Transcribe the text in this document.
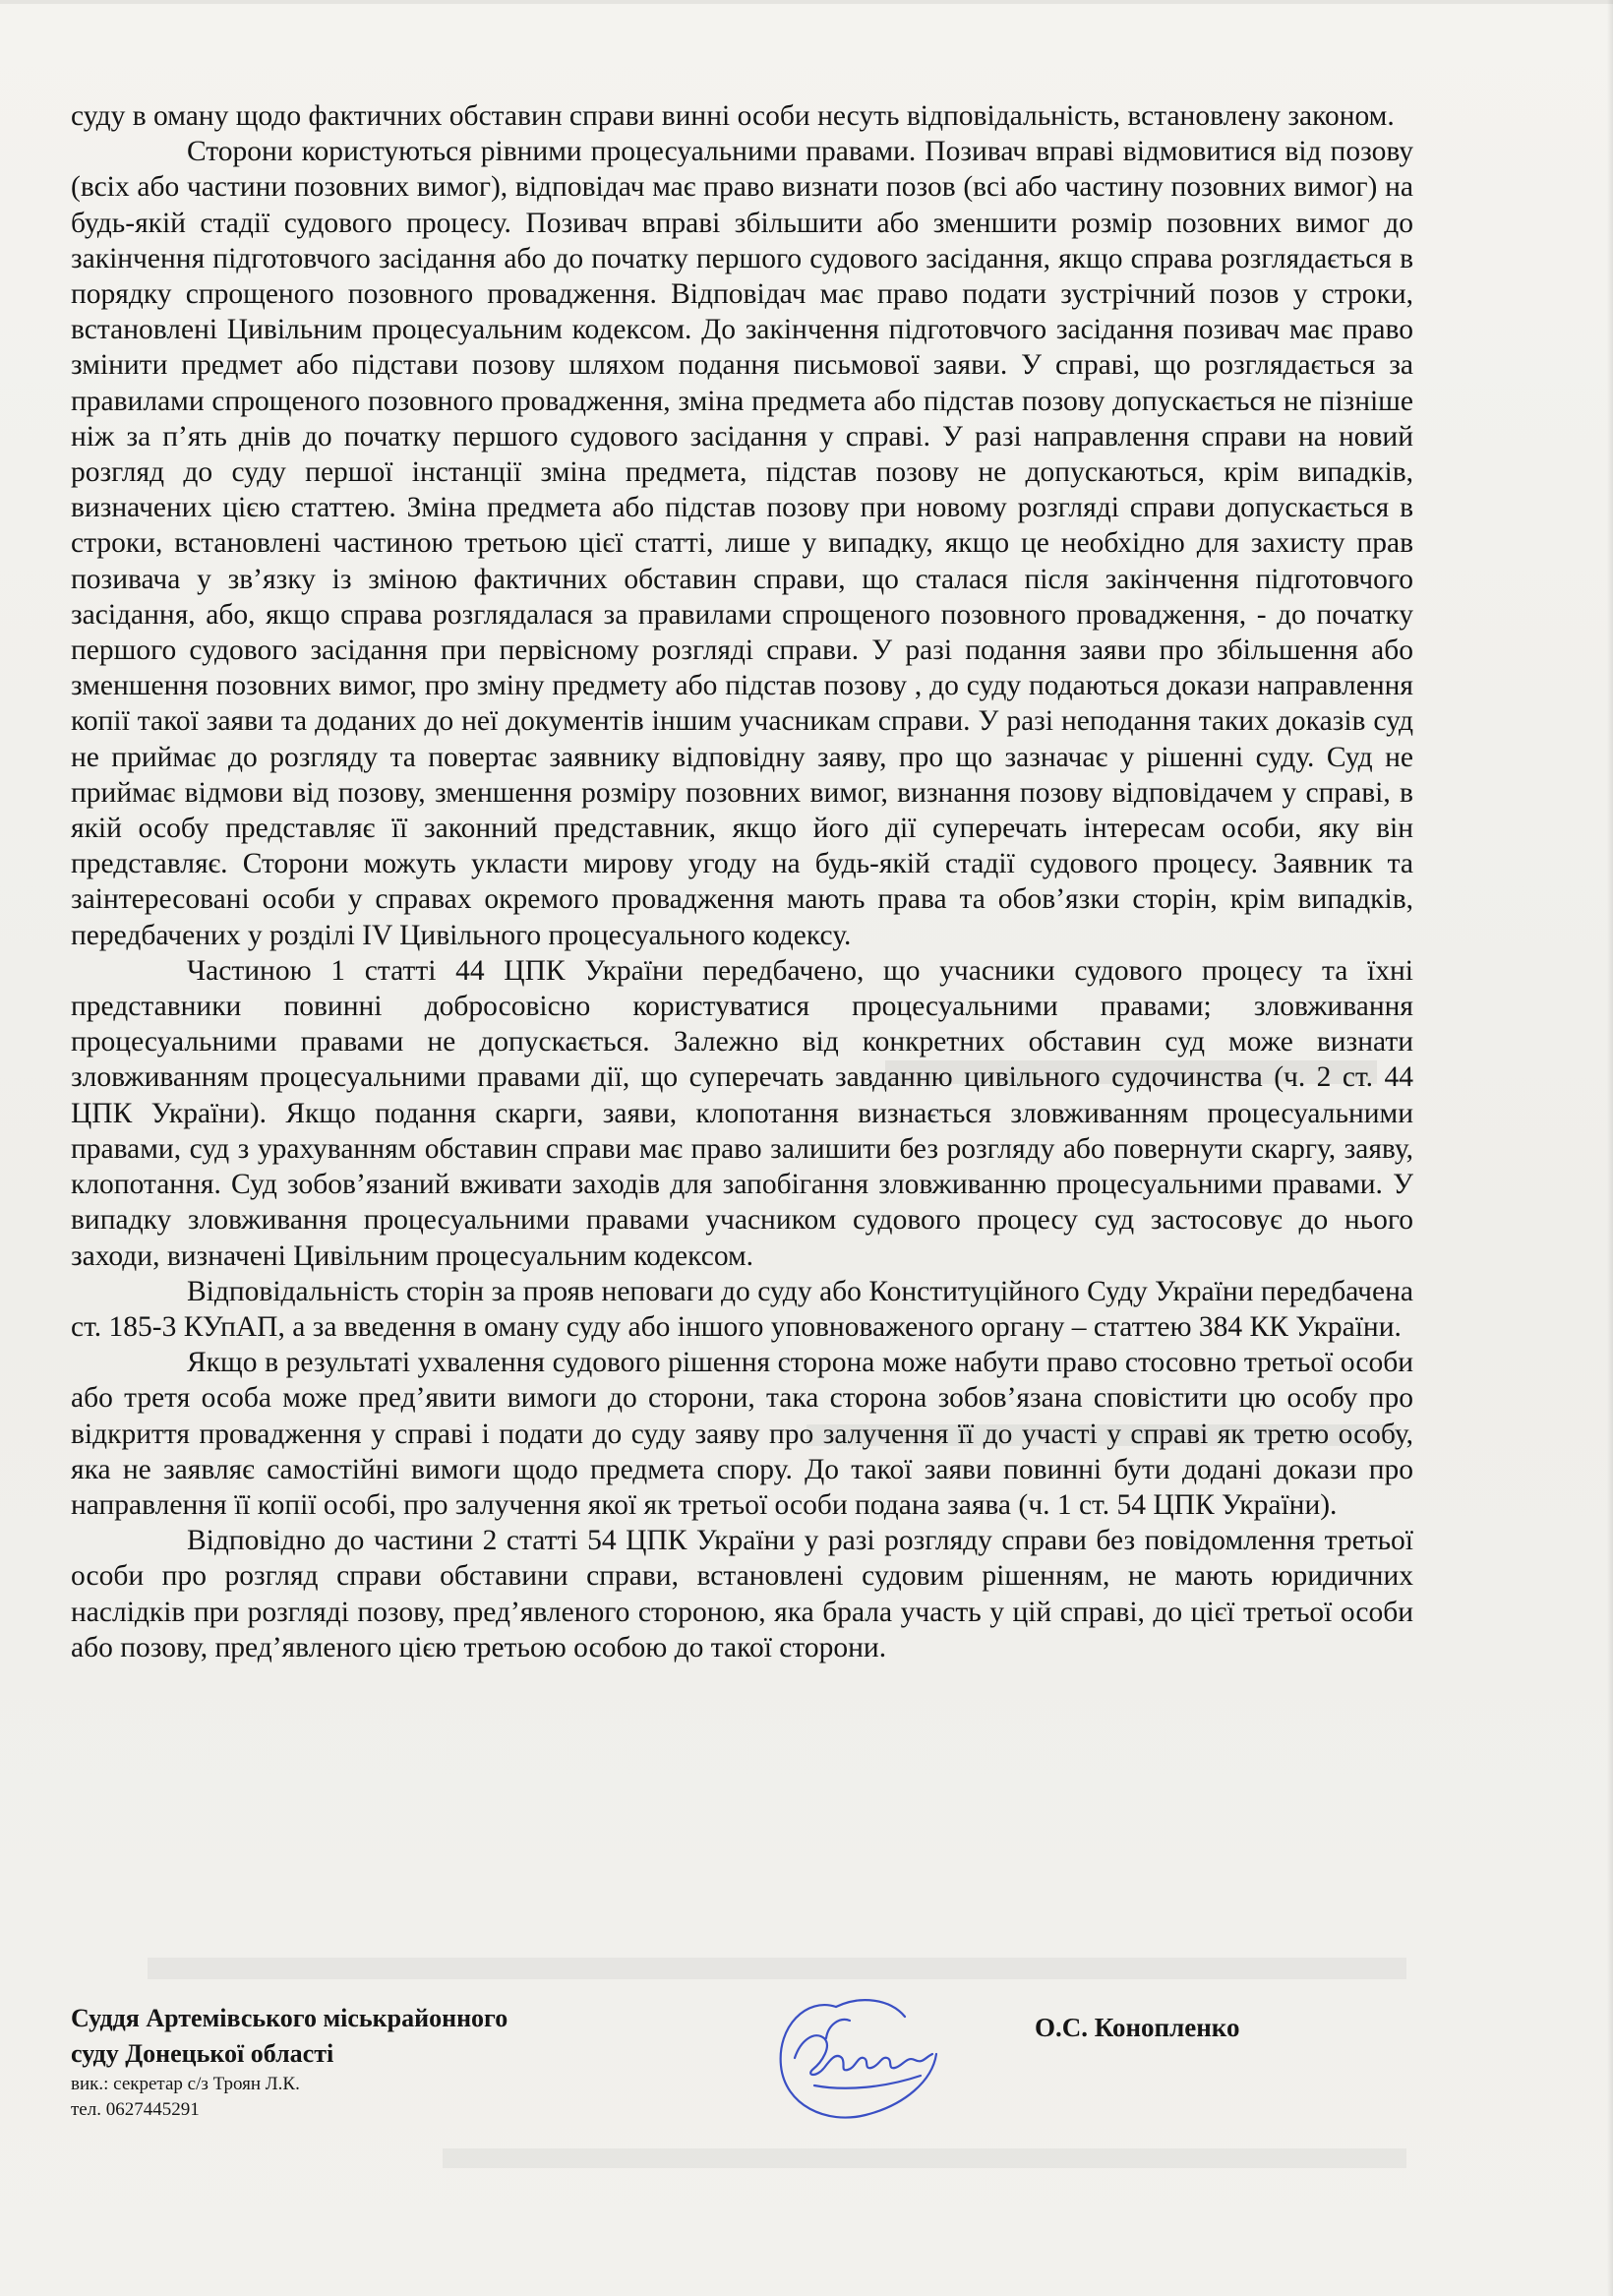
суду в оману щодо фактичних обставин справи винні особи несуть відповідальність, встановлену законом.

Сторони користуються рівними процесуальними правами. Позивач вправі відмовитися від позову (всіх або частини позовних вимог), відповідач має право визнати позов (всі або частину позовних вимог) на будь-якій стадії судового процесу. Позивач вправі збільшити або зменшити розмір позовних вимог до закінчення підготовчого засідання або до початку першого судового засідання, якщо справа розглядається в порядку спрощеного позовного провадження. Відповідач має право подати зустрічний позов у строки, встановлені Цивільним процесуальним кодексом. До закінчення підготовчого засідання позивач має право змінити предмет або підстави позову шляхом подання письмової заяви. У справі, що розглядається за правилами спрощеного позовного провадження, зміна предмета або підстав позову допускається не пізніше ніж за п’ять днів до початку першого судового засідання у справі. У разі направлення справи на новий розгляд до суду першої інстанції зміна предмета, підстав позову не допускаються, крім випадків, визначених цією статтею. Зміна предмета або підстав позову при новому розгляді справи допускається в строки, встановлені частиною третьою цієї статті, лише у випадку, якщо це необхідно для захисту прав позивача у зв’язку із зміною фактичних обставин справи, що сталася після закінчення підготовчого засідання, або, якщо справа розглядалася за правилами спрощеного позовного провадження, - до початку першого судового засідання при первісному розгляді справи. У разі подання заяви про збільшення або зменшення позовних вимог, про зміну предмету або підстав позову , до суду подаються докази направлення копії такої заяви та доданих до неї документів іншим учасникам справи. У разі неподання таких доказів суд не приймає до розгляду та повертає заявнику відповідну заяву, про що зазначає у рішенні суду. Суд не приймає відмови від позову, зменшення розміру позовних вимог, визнання позову відповідачем у справі, в якій особу представляє її законний представник, якщо його дії суперечать інтересам особи, яку він представляє. Сторони можуть укласти мирову угоду на будь-якій стадії судового процесу. Заявник та заінтересовані особи у справах окремого провадження мають права та обов’язки сторін, крім випадків, передбачених у розділі IV Цивільного процесуального кодексу.

Частиною 1 статті 44 ЦПК України передбачено, що учасники судового процесу та їхні представники повинні добросовісно користуватися процесуальними правами; зловживання процесуальними правами не допускається. Залежно від конкретних обставин суд може визнати зловживанням процесуальними правами дії, що суперечать завданню цивільного судочинства (ч. 2 ст. 44 ЦПК України). Якщо подання скарги, заяви, клопотання визнається зловживанням процесуальними правами, суд з урахуванням обставин справи має право залишити без розгляду або повернути скаргу, заяву, клопотання. Суд зобов’язаний вживати заходів для запобігання зловживанню процесуальними правами. У випадку зловживання процесуальними правами учасником судового процесу суд застосовує до нього заходи, визначені Цивільним процесуальним кодексом.

Відповідальність сторін за прояв неповаги до суду або Конституційного Суду України передбачена ст. 185-3 КУпАП, а за введення в оману суду або іншого уповноваженого органу – статтею 384 КК України.

Якщо в результаті ухвалення судового рішення сторона може набути право стосовно третьої особи або третя особа може пред’явити вимоги до сторони, така сторона зобов’язана сповістити цю особу про відкриття провадження у справі і подати до суду заяву про залучення її до участі у справі як третю особу, яка не заявляє самостійні вимоги щодо предмета спору. До такої заяви повинні бути додані докази про направлення її копії особі, про залучення якої як третьої особи подана заява (ч. 1 ст. 54 ЦПК України).

Відповідно до частини 2 статті 54 ЦПК України у разі розгляду справи без повідомлення третьої особи про розгляд справи обставини справи, встановлені судовим рішенням, не мають юридичних наслідків при розгляді позову, пред’явленого стороною, яка брала участь у цій справі, до цієї третьої особи або позову, пред’явленого цією третьою особою до такої сторони.

Суддя Артемівського міськрайонного

суду Донецької області

вик.: секретар с/з Троян Л.К.

тел. 0627445291

О.С. Конопленко
